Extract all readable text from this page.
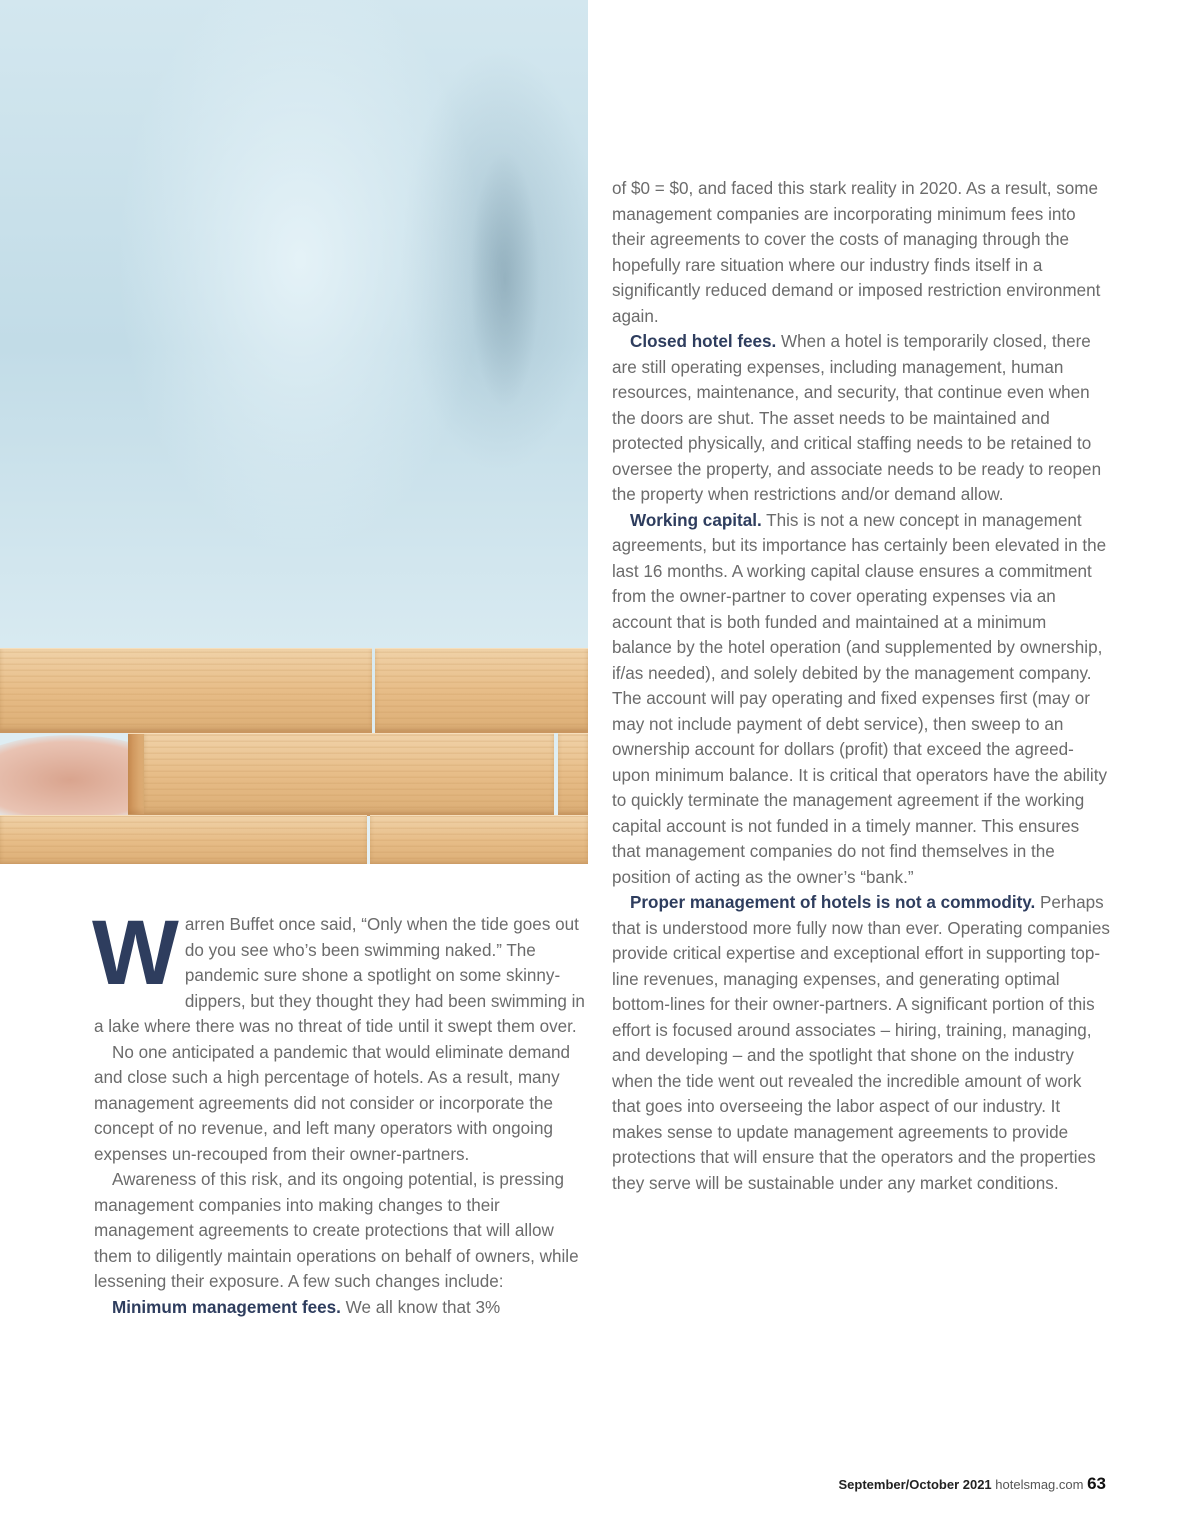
Warren Buffet once said, “Only when the tide goes out do you see who’s been swimming naked.” The pandemic sure shone a spotlight on some skinny-dippers, but they thought they had been swimming in a lake where there was no threat of tide until it swept them over.

No one anticipated a pandemic that would eliminate demand and close such a high percentage of hotels. As a result, many management agreements did not consider or incorporate the concept of no revenue, and left many operators with ongoing expenses un-recouped from their owner-partners.

Awareness of this risk, and its ongoing potential, is pressing management companies into making changes to their management agreements to create protections that will allow them to diligently maintain operations on behalf of owners, while lessening their exposure. A few such changes include:

Minimum management fees. We all know that 3%

of $0 = $0, and faced this stark reality in 2020. As a result, some management companies are incorporating minimum fees into their agreements to cover the costs of managing through the hopefully rare situation where our industry finds itself in a significantly reduced demand or imposed restriction environment again.

Closed hotel fees. When a hotel is temporarily closed, there are still operating expenses, including management, human resources, maintenance, and security, that continue even when the doors are shut. The asset needs to be maintained and protected physically, and critical staffing needs to be retained to oversee the property, and associate needs to be ready to reopen the property when restrictions and/or demand allow.

Working capital. This is not a new concept in management agreements, but its importance has certainly been elevated in the last 16 months. A working capital clause ensures a commitment from the owner-partner to cover operating expenses via an account that is both funded and maintained at a minimum balance by the hotel operation (and supplemented by ownership, if/as needed), and solely debited by the management company. The account will pay operating and fixed expenses first (may or may not include payment of debt service), then sweep to an ownership account for dollars (profit) that exceed the agreed-upon minimum balance. It is critical that operators have the ability to quickly terminate the management agreement if the working capital account is not funded in a timely manner. This ensures that management companies do not find themselves in the position of acting as the owner’s “bank.”

Proper management of hotels is not a commodity. Perhaps that is understood more fully now than ever. Operating companies provide critical expertise and exceptional effort in supporting top-line revenues, managing expenses, and generating optimal bottom-lines for their owner-partners. A significant portion of this effort is focused around associates – hiring, training, managing, and developing – and the spotlight that shone on the industry when the tide went out revealed the incredible amount of work that goes into overseeing the labor aspect of our industry. It makes sense to update management agreements to provide protections that will ensure that the operators and the properties they serve will be sustainable under any market conditions.

September/October 2021 hotelsmag.com 63
